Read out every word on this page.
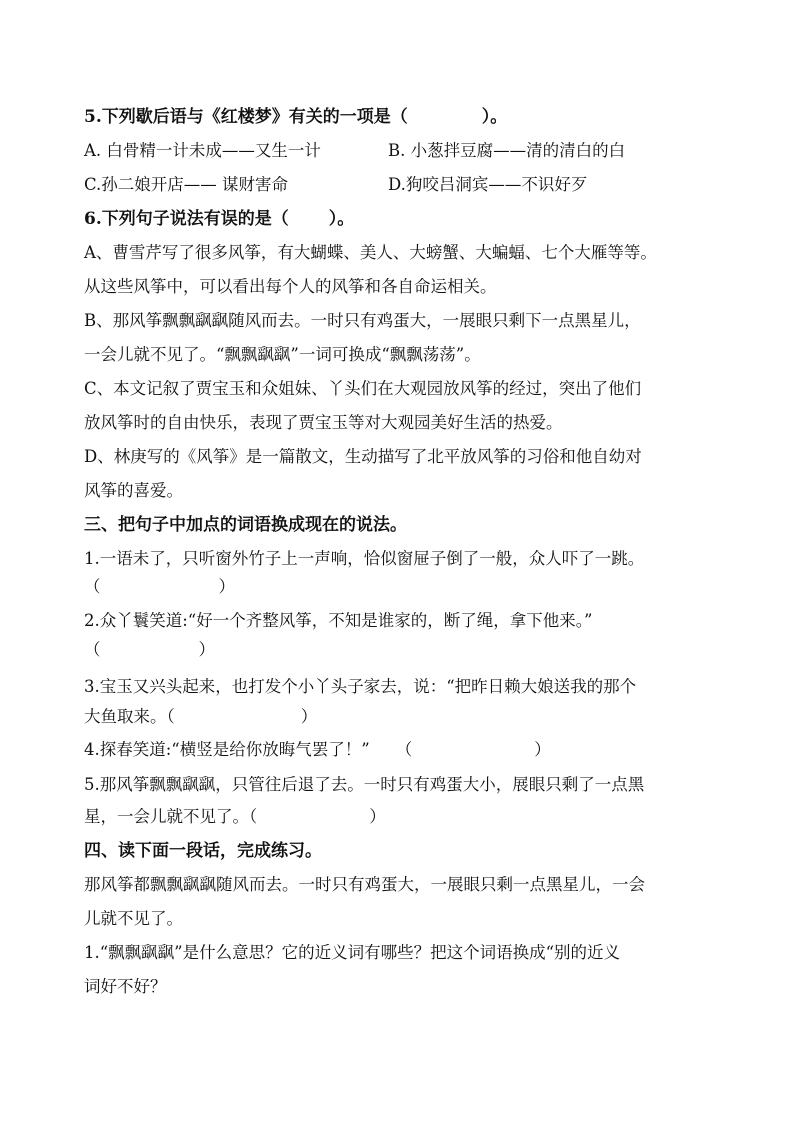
5.下列歇后语与《红楼梦》有关的一项是（	）。
A. 白骨精一计未成——又生一计	B. 小葱拌豆腐——清的清白的白
C.孙二娘开店—— 谋财害命	D.狗咬吕洞宾——不识好歹
6.下列句子说法有误的是（ ）。
A、曹雪芹写了很多风筝，有大蝴蝶、美人、大螃蟹、大蝙蝠、七个大雁等等。
从这些风筝中，可以看出每个人的风筝和各自命运相关。
B、那风筝飘飘飖飖随风而去。一时只有鸡蛋大，一展眼只剩下一点黑星儿，
一会儿就不见了。“飘飘飖飖”一词可换成“飘飘荡荡”。
C、本文记叙了贾宝玉和众姐妹、丫头们在大观园放风筝的经过，突出了他们
放风筝时的自由快乐，表现了贾宝玉等对大观园美好生活的热爱。
D、林庚写的《风筝》是一篇散文，生动描写了北平放风筝的习俗和他自幼对
风筝的喜爱。
三、把句子中加点的词语换成现在的说法。
1.一语未了，只听窗外竹子上一声响，恰似窗屉子倒了一般，众人吓了一跳。
（	）
2.众丫鬟笑道:“好一个齐整风筝，不知是谁家的，断了绳，拿下他来。”
（	）
3.宝玉又兴头起来，也打发个小丫头子家去，说：“把昨日赖大娘送我的那个
大鱼取来。（	）
4.探春笑道:“横竖是给你放晦气罢了！” （	）
5.那风筝飘飘飖飖，只管往后退了去。一时只有鸡蛋大小，展眼只剩了一点黑
星，一会儿就不见了。（	）
四、读下面一段话，完成练习。
那风筝都飘飘飖飖随风而去。一时只有鸡蛋大，一展眼只剩一点黑星儿，一会
儿就不见了。
1.“飘飘飖飖”是什么意思？它的近义词有哪些？把这个词语换成“别的近义
词好不好？
